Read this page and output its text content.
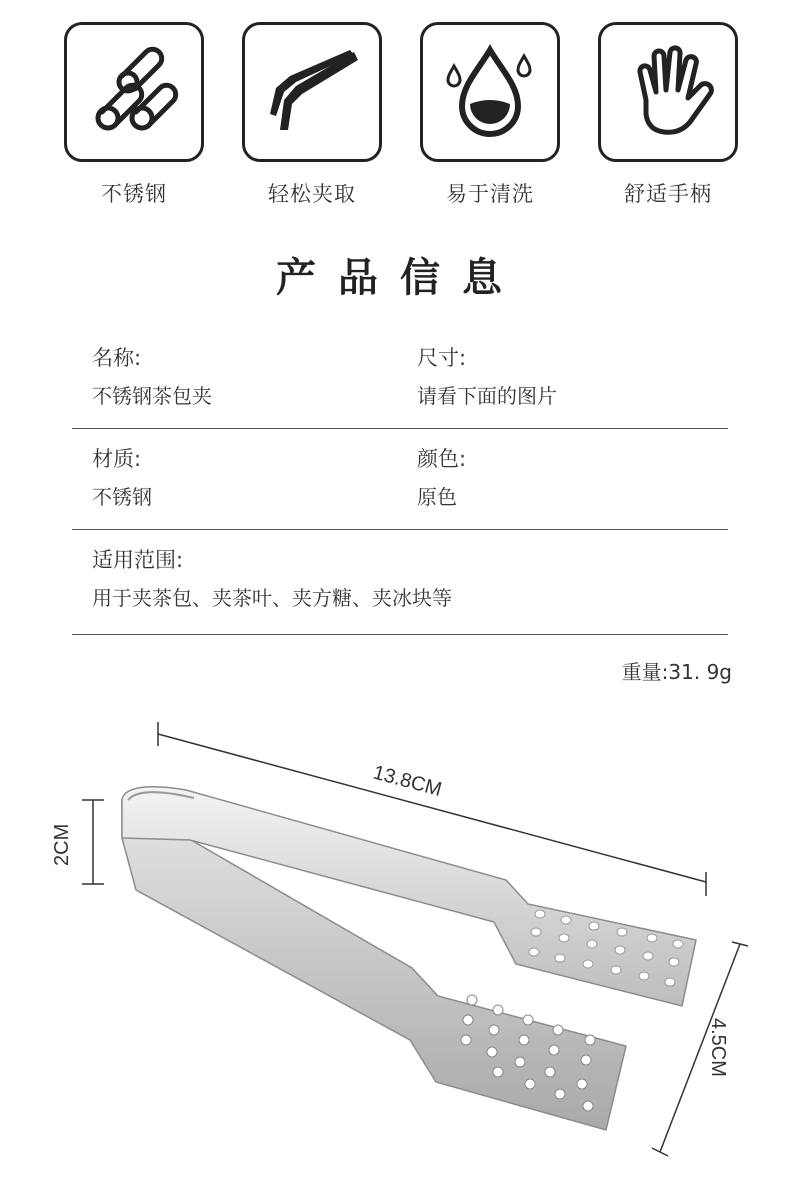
不锈钢	轻松夹取	易于清洗	舒适手柄
产品信息
名称:
不锈钢茶包夹
尺寸:
请看下面的图片
材质:
不锈钢
颜色:
原色
适用范围:
用于夹茶包、夹茶叶、夹方糖、夹冰块等
重量:31. 9g
13.8CM
2CM
4.5CM
